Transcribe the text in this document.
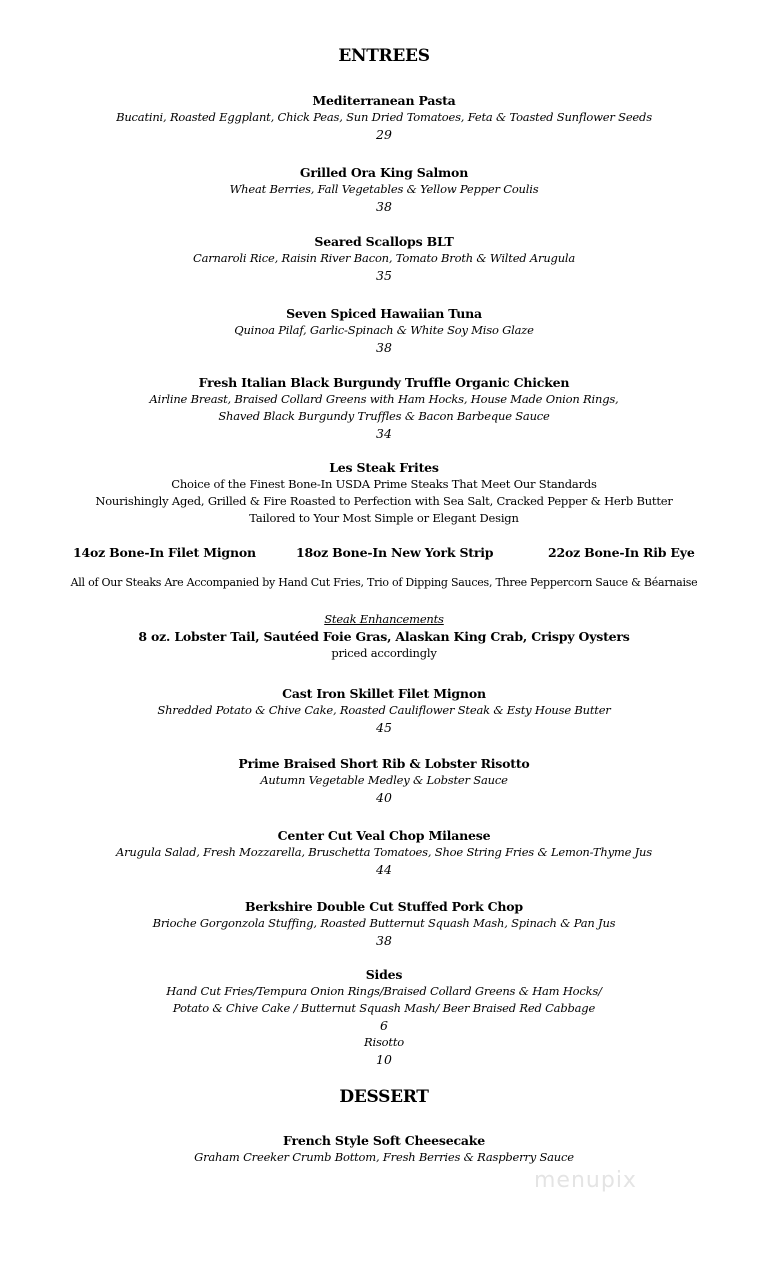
ENTREES
Mediterranean Pasta
Bucatini, Roasted Eggplant, Chick Peas, Sun Dried Tomatoes, Feta & Toasted Sunflower Seeds
29
Grilled Ora King Salmon
Wheat Berries, Fall Vegetables & Yellow Pepper Coulis
38
Seared Scallops BLT
Carnaroli Rice, Raisin River Bacon, Tomato Broth & Wilted Arugula
35
Seven Spiced Hawaiian Tuna
Quinoa Pilaf, Garlic-Spinach & White Soy Miso Glaze
38
Fresh Italian Black Burgundy Truffle Organic Chicken
Airline Breast, Braised Collard Greens with Ham Hocks, House Made Onion Rings,
Shaved Black Burgundy Truffles & Bacon Barbeque Sauce
34
Les Steak Frites
Choice of the Finest Bone-In USDA Prime Steaks That Meet Our Standards
Nourishingly Aged, Grilled & Fire Roasted to Perfection with Sea Salt, Cracked Pepper & Herb Butter
Tailored to Your Most Simple or Elegant Design
14oz Bone-In Filet Mignon	18oz Bone-In New York Strip	22oz Bone-In Rib Eye
All of Our Steaks Are Accompanied by Hand Cut Fries, Trio of Dipping Sauces, Three Peppercorn Sauce & Béarnaise
Steak Enhancements
8 oz. Lobster Tail, Sautéed Foie Gras, Alaskan King Crab, Crispy Oysters
priced accordingly
Cast Iron Skillet Filet Mignon
Shredded Potato & Chive Cake, Roasted Cauliflower Steak & Esty House Butter
45
Prime Braised Short Rib & Lobster Risotto
Autumn Vegetable Medley & Lobster Sauce
40
Center Cut Veal Chop Milanese
Arugula Salad, Fresh Mozzarella, Bruschetta Tomatoes, Shoe String Fries & Lemon-Thyme Jus
44
Berkshire Double Cut Stuffed Pork Chop
Brioche Gorgonzola Stuffing, Roasted Butternut Squash Mash, Spinach & Pan Jus
38
Sides
Hand Cut Fries/Tempura Onion Rings/Braised Collard Greens & Ham Hocks/
Potato & Chive Cake / Butternut Squash Mash/ Beer Braised Red Cabbage
6
Risotto
10
DESSERT
French Style Soft Cheesecake
Graham Creeker Crumb Bottom, Fresh Berries & Raspberry Sauce
menupix
